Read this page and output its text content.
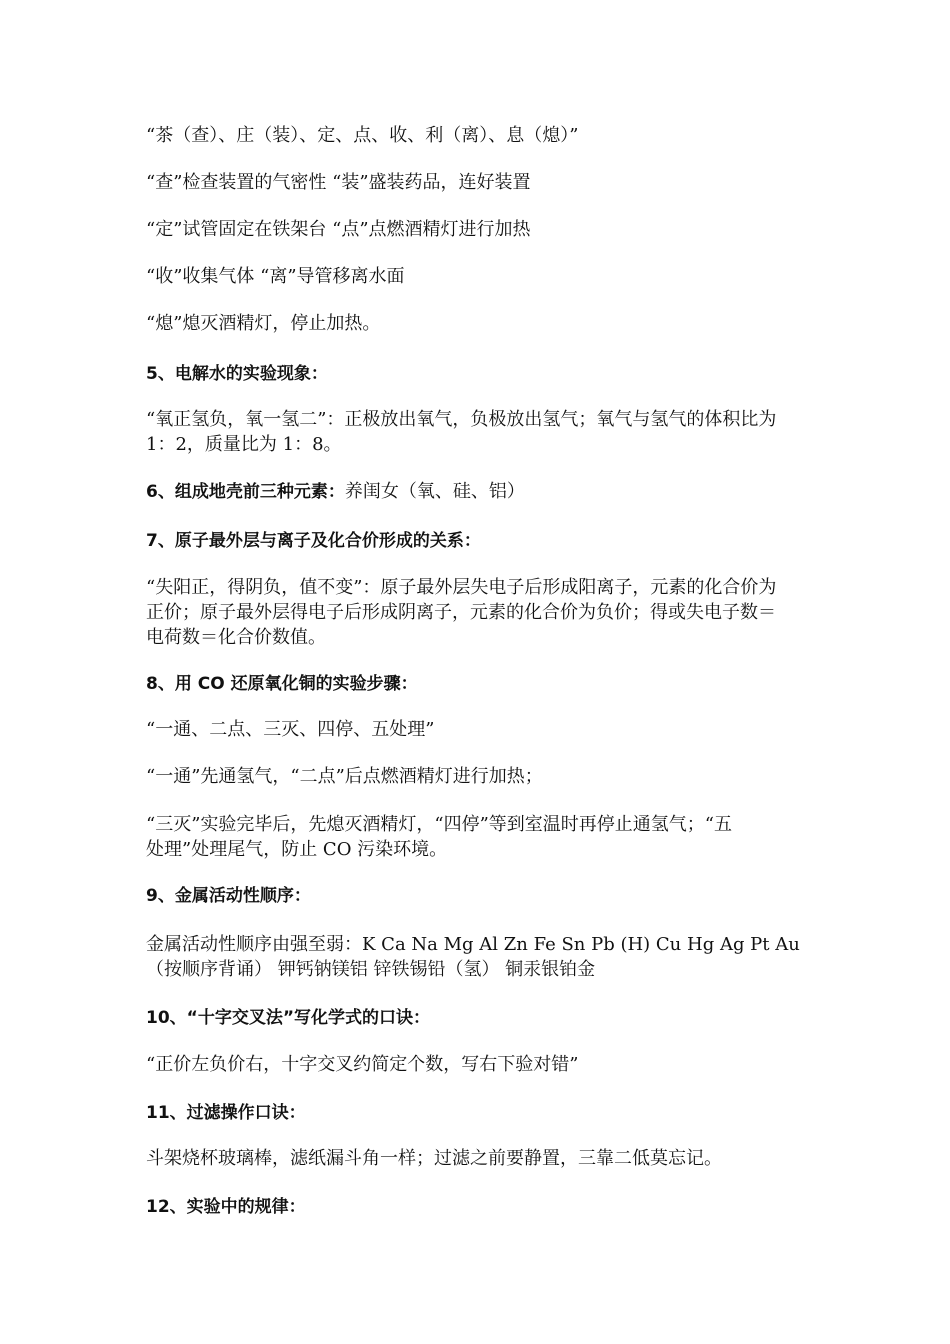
“茶（查）、庄（装）、定、点、收、利（离）、息（熄）”
“查”检查装置的气密性 “装”盛装药品，连好装置
“定”试管固定在铁架台 “点”点燃酒精灯进行加热
“收”收集气体 “离”导管移离水面
“熄”熄灭酒精灯，停止加热。
5、电解水的实验现象：
“氧正氢负，氧一氢二”：正极放出氧气，负极放出氢气；氧气与氢气的体积比为
1：2，质量比为 1：8。
6、组成地壳前三种元素：养闺女（氧、硅、铝）
7、原子最外层与离子及化合价形成的关系：
“失阳正，得阴负，值不变”：原子最外层失电子后形成阳离子，元素的化合价为
正价；原子最外层得电子后形成阴离子，元素的化合价为负价；得或失电子数＝
电荷数＝化合价数值。
8、用 CO 还原氧化铜的实验步骤：
“一通、二点、三灭、四停、五处理”
“一通”先通氢气，“二点”后点燃酒精灯进行加热；
“三灭”实验完毕后，先熄灭酒精灯，“四停”等到室温时再停止通氢气；“五
处理”处理尾气，防止 CO 污染环境。
9、金属活动性顺序：
金属活动性顺序由强至弱：K Ca Na Mg Al Zn Fe Sn Pb (H) Cu Hg Ag Pt Au
（按顺序背诵） 钾钙钠镁铝 锌铁锡铅（氢） 铜汞银铂金
10、“十字交叉法”写化学式的口诀：
“正价左负价右，十字交叉约简定个数，写右下验对错”
11、过滤操作口诀：
斗架烧杯玻璃棒，滤纸漏斗角一样；过滤之前要静置，三靠二低莫忘记。
12、实验中的规律：
